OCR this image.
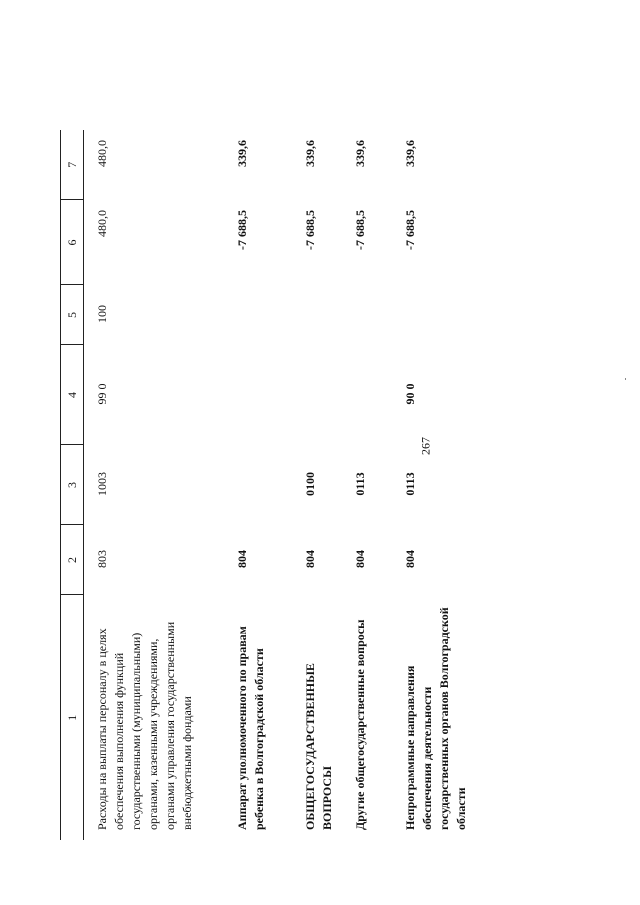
267
1	2	3	4	5	6	7
Расходы на выплаты персоналу в целях обеспечения выполнения функций государственными (муниципальными) органами, казенными учреждениями, органами управления государственными внебюджетными фондами	803	1003	99 0	100	480,0	480,0
Аппарат уполномоченного по правам ребенка в Волгоградской области	804				-7 688,5	339,6
ОБЩЕГОСУДАРСТВЕННЫЕ ВОПРОСЫ	804	0100			-7 688,5	339,6
Другие общегосударственные вопросы	804	0113			-7 688,5	339,6
Непрограммные направления обеспечения деятельности государственных органов Волгоградской области	804	0113	90 0		-7 688,5	339,6
